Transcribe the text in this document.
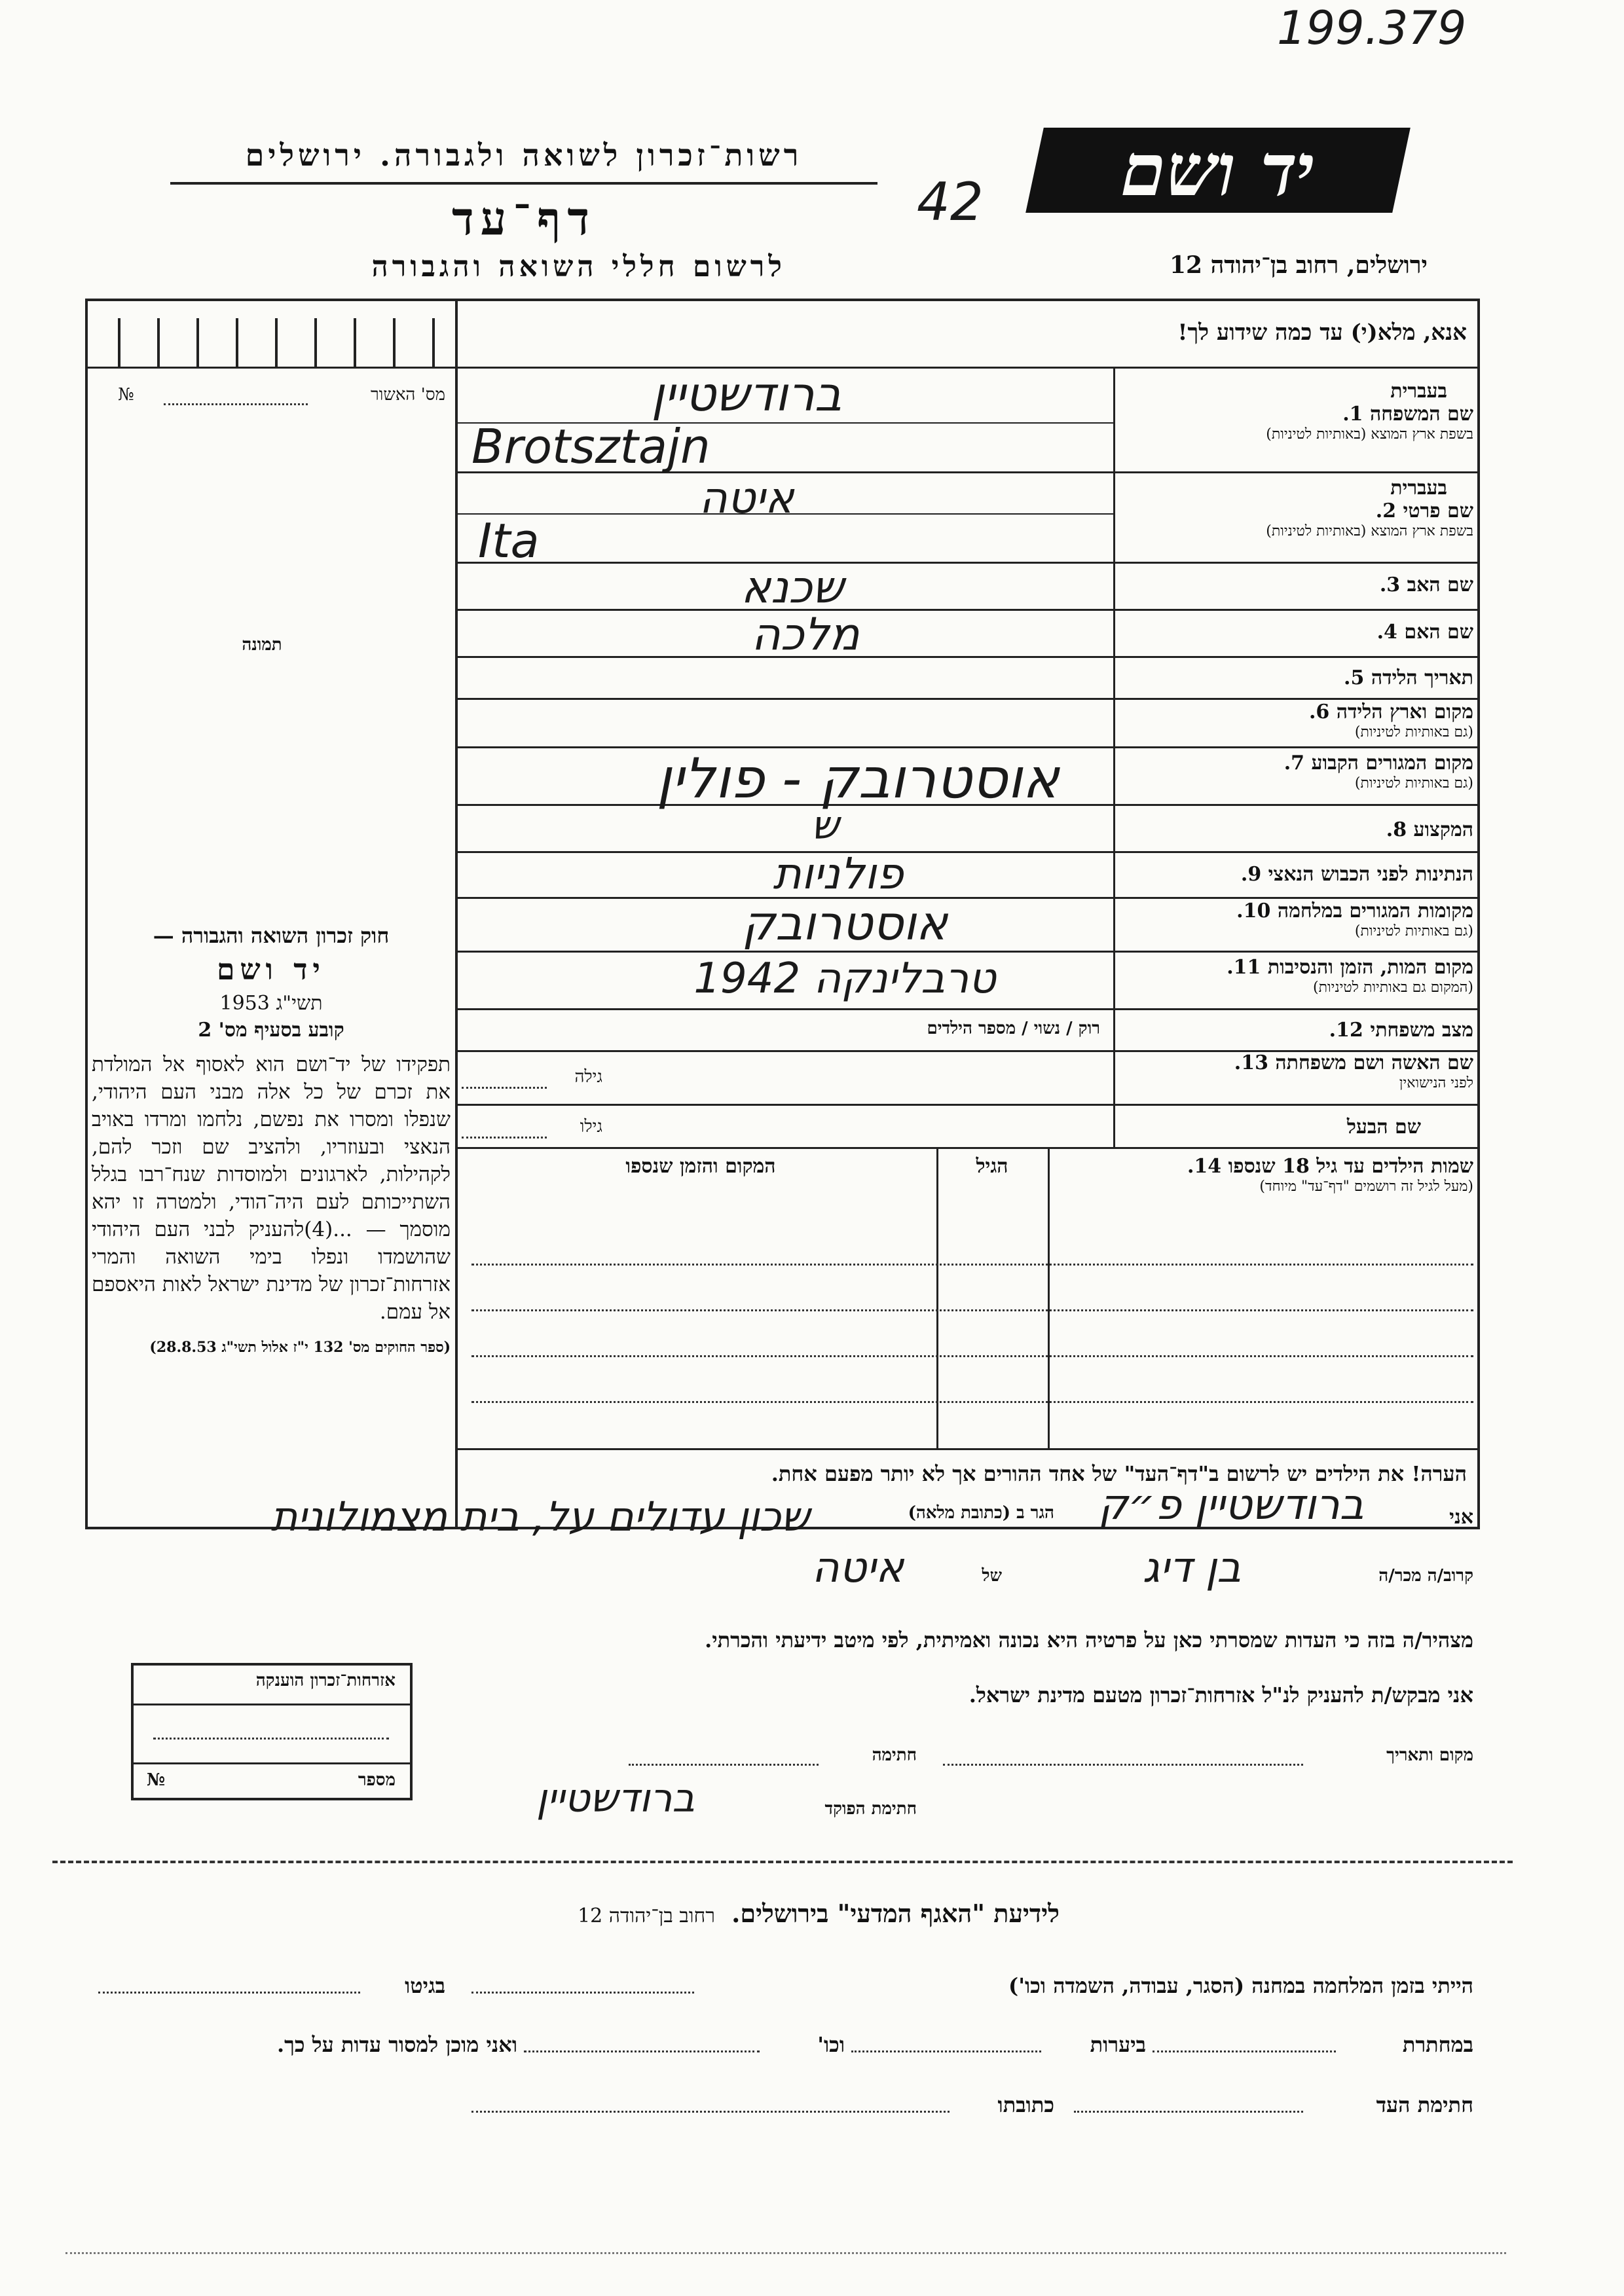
199.379
42
רשות־זכרון לשואה ולגבורה. ירושלים
דף־עד
לרשום חללי השואה והגבורה
יד ושם
ירושלים, רחוב בן־יהודה 12
אנא, מלא(י) עד כמה שידוע לך!
מס' האשור
№
תמונה
בעברית
שם המשפחה 1.
בשפת ארץ המוצא (באותיות לטיניות)
ברודשטיין
Brotsztajn
בעברית
שם פרטי 2.
בשפת ארץ המוצא (באותיות לטיניות)
איטה
Ita
שם האב 3.
שכנא
שם האם 4.
מלכה
תאריך הלידה 5.
מקום וארץ הלידה 6.
(גם באותיות לטיניות)
מקום המגורים הקבוע 7.
(גם באותיות לטיניות)
אוסטרובק - פולין
המקצוע 8.
ש
הנתינות לפני הכבוש הנאצי 9.
פולניות
מקומות המגורים במלחמה 10.
(גם באותיות לטיניות)
אוסטרובק
מקום המות, הזמן והנסיבות 11.
(המקום גם באותיות לטיניות)
טרבלינקה 1942
מצב משפחתי 12.
רוק / נשוי / מספר הילדים
שם האשה ושם משפחתה 13.
לפני הנישואין
גילה
שם הבעל
גילו
שמות הילדים עד גיל 18 שנספו 14.
(מעל לגיל זה רושמים "דף־עד" מיוחד)
הגיל
המקום והזמן שנספו
הערה! את הילדים יש לרשום ב"דף־העד" של אחד ההורים אך לא יותר מפעם אחת.
חוק זכרון השואה והגבורה —
יד ושם
תשי"ג 1953
קובע בסעיף מס' 2
תפקידו של יד־ושם הוא לאסוף אל המולדת את זכרם של כל אלה מבני העם היהודי, שנפלו ומסרו את נפשם, נלחמו ומרדו באויב הנאצי ובעוזריו, ולהציב שם וזכר להם, לקהילות, לארגונים ולמוסדות שנח־רבו בגלל השתייכותם לעם היה־הודי, ולמטרה זו יהא מוסמך — ...(4)להעניק לבני העם היהודי שהושמדו ונפלו בימי השואה והמרי אזרחות־זכרון של מדינת ישראל לאות היאספם אל עמם.
(ספר החוקים מס' 132 י"ז אלול תשי"ג 28.8.53)
אני
ברודשטיין פ״ק
הגר ב (כתובת מלאה)
שכון עדולים על, בית מצמולונית
קרוב/ה מכר/ה
בן דיג
של
איטה
מצהיר/ה בזה כי העדות שמסרתי כאן על פרטיה היא נכונה ואמיתית, לפי מיטב ידיעתי והכרתי.
אני מבקש/ת להעניק לנ"ל אזרחות־זכרון מטעם מדינת ישראל.
מקום ותאריך
חתימה
חתימת הפוקד
ברודשטיין
אזרחות־זכרון הוענקה
מספר
№
לידיעת "האגף המדעי" בירושלים. רחוב בן־יהודה 12
הייתי בזמן המלחמה במחנה (הסגר, עבודה, השמדה וכו')
בגיטו
במחתרת
ביערות
וכו'
ואני מוכן למסור עדות על כך.
חתימת העד
כתובתו
